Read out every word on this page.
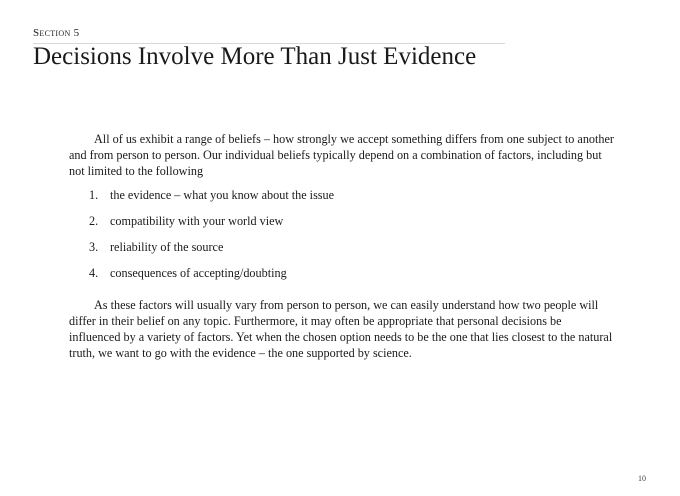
Section 5
Decisions Involve More Than Just Evidence

All of us exhibit a range of beliefs – how strongly we accept something differs from one subject to another and from person to person. Our individual beliefs typically depend on a combination of factors, including but not limited to the following

1. the evidence – what you know about the issue
2. compatibility with your world view
3. reliability of the source
4. consequences of accepting/doubting

As these factors will usually vary from person to person, we can easily understand how two people will differ in their belief on any topic. Furthermore, it may often be appropriate that personal decisions be influenced by a variety of factors. Yet when the chosen option needs to be the one that lies closest to the natural truth, we want to go with the evidence – the one supported by science.

10
